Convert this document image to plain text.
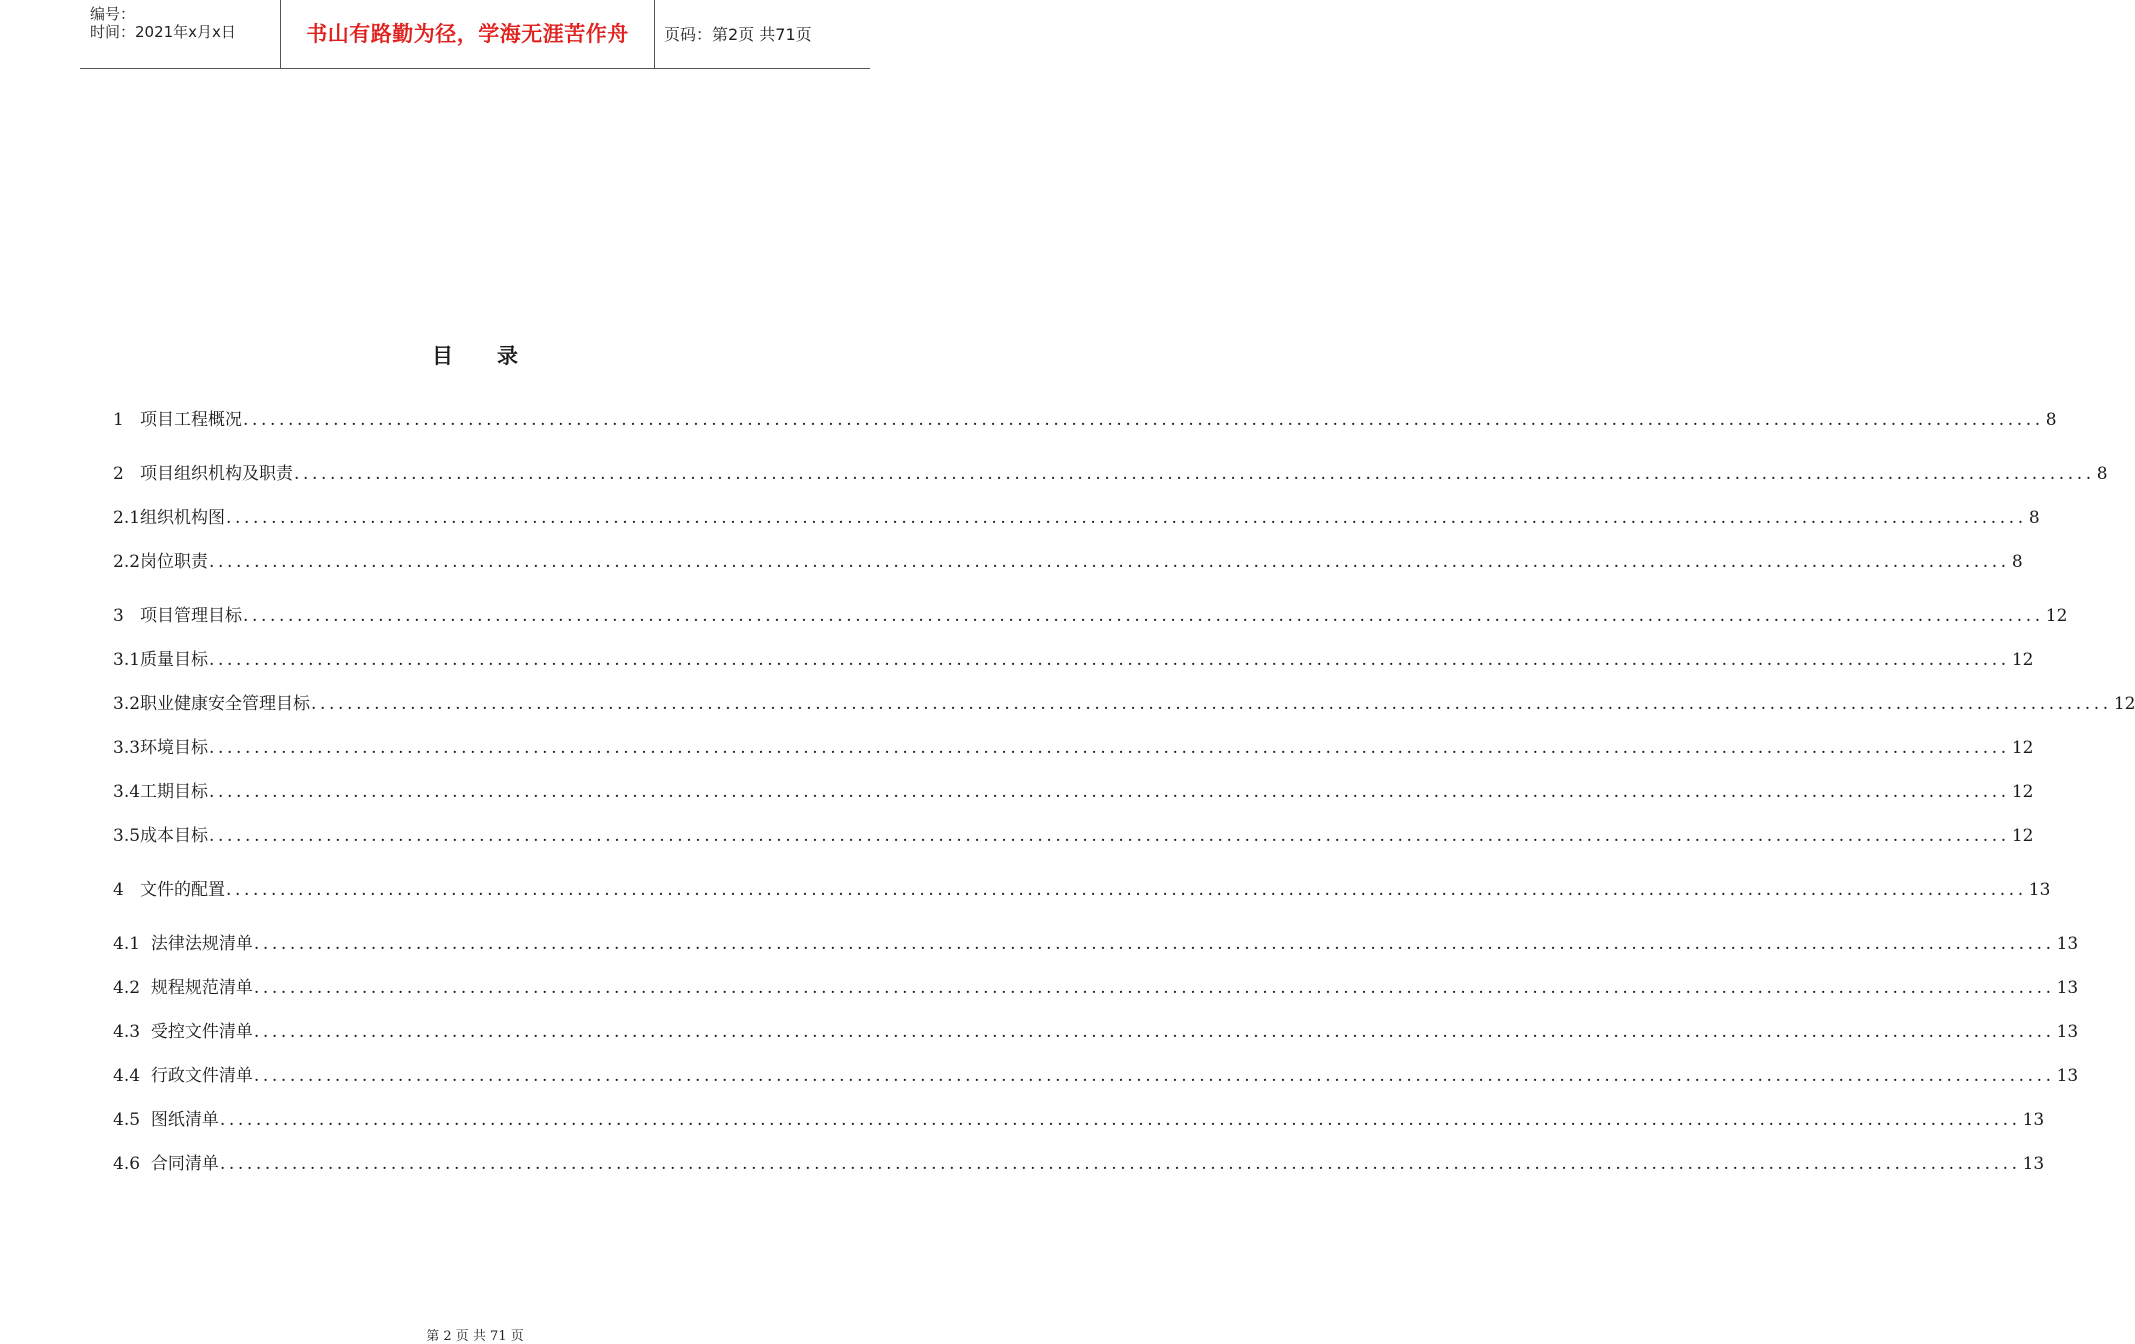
编号：
时间：2021年x月x日	书山有路勤为径，学海无涯苦作舟 页码：第2页 共71页
目 录
1 项目工程概况 ........................................................................................................................................................................................................ 8
2 项目组织机构及职责 ........................................................................................................................................................................................................ 8
2.1 组织机构图 ........................................................................................................................................................................................................ 8
2.2 岗位职责 ........................................................................................................................................................................................................ 8
3 项目管理目标 ........................................................................................................................................................................................................ 12
3.1 质量目标 ........................................................................................................................................................................................................ 12
3.2 职业健康安全管理目标 ........................................................................................................................................................................................................ 12
3.3 环境目标 ........................................................................................................................................................................................................ 12
3.4 工期目标 ........................................................................................................................................................................................................ 12
3.5 成本目标 ........................................................................................................................................................................................................ 12
4 文件的配置 ........................................................................................................................................................................................................ 13
4.1 法律法规清单 ........................................................................................................................................................................................................ 13
4.2 规程规范清单 ........................................................................................................................................................................................................ 13
4.3 受控文件清单 ........................................................................................................................................................................................................ 13
4.4 行政文件清单 ........................................................................................................................................................................................................ 13
4.5 图纸清单 ........................................................................................................................................................................................................ 13
4.6 合同清单 ........................................................................................................................................................................................................ 13
第 2 页 共 71 页
